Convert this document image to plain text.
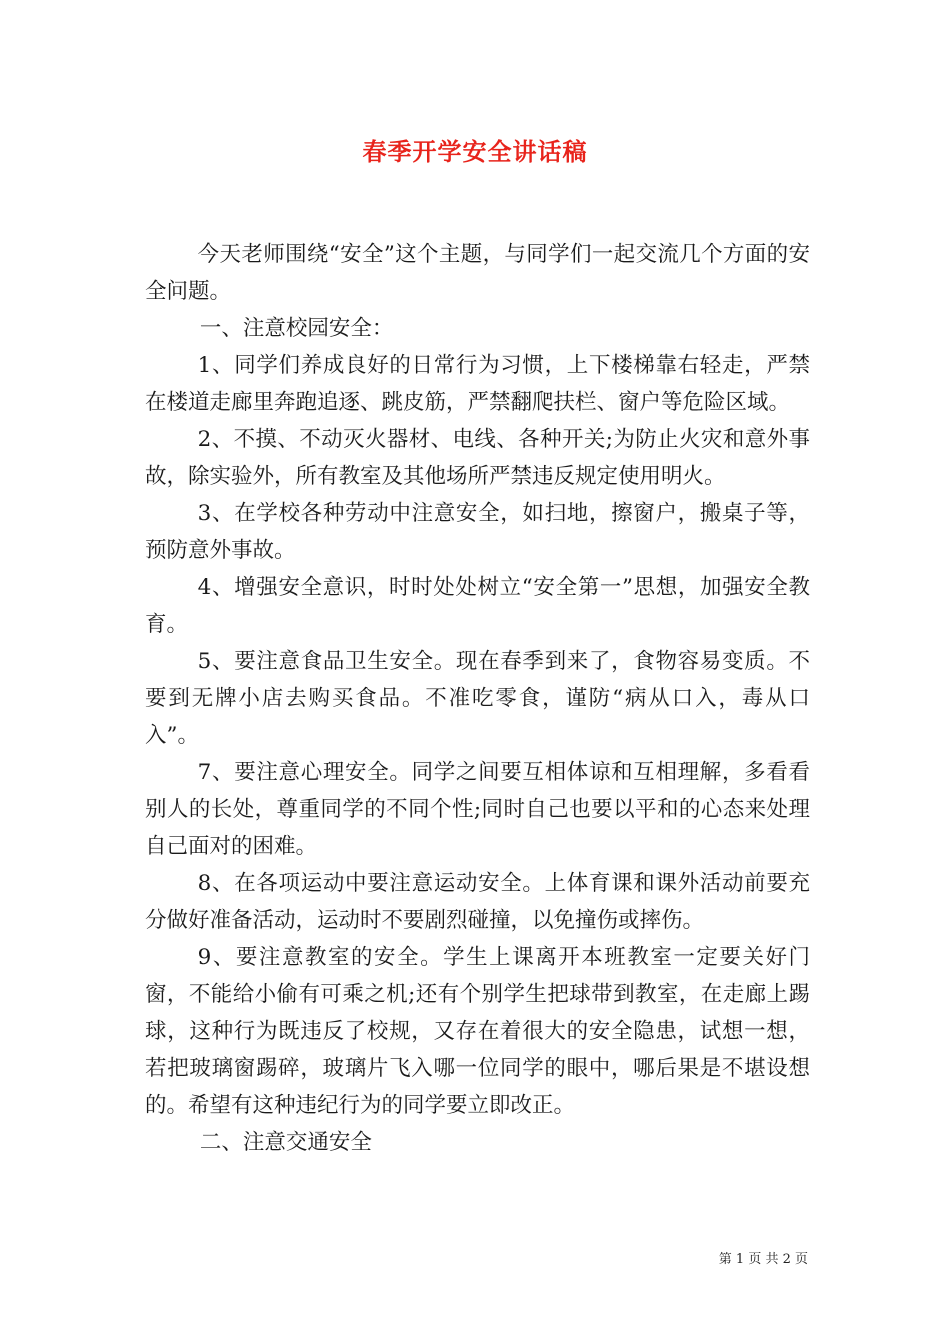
春季开学安全讲话稿

今天老师围绕“安全”这个主题，与同学们一起交流几个方面的安全问题。

一、注意校园安全：

1、同学们养成良好的日常行为习惯，上下楼梯靠右轻走，严禁在楼道走廊里奔跑追逐、跳皮筋，严禁翻爬扶栏、窗户等危险区域。

2、不摸、不动灭火器材、电线、各种开关;为防止火灾和意外事故，除实验外，所有教室及其他场所严禁违反规定使用明火。

3、在学校各种劳动中注意安全，如扫地，擦窗户，搬桌子等，预防意外事故。

4、增强安全意识，时时处处树立“安全第一”思想，加强安全教育。

5、要注意食品卫生安全。现在春季到来了，食物容易变质。不要到无牌小店去购买食品。不准吃零食，谨防“病从口入，毒从口入”。

7、要注意心理安全。同学之间要互相体谅和互相理解，多看看别人的长处，尊重同学的不同个性;同时自己也要以平和的心态来处理自己面对的困难。

8、在各项运动中要注意运动安全。上体育课和课外活动前要充分做好准备活动，运动时不要剧烈碰撞，以免撞伤或摔伤。

9、要注意教室的安全。学生上课离开本班教室一定要关好门窗，不能给小偷有可乘之机;还有个别学生把球带到教室，在走廊上踢球，这种行为既违反了校规，又存在着很大的安全隐患，试想一想，若把玻璃窗踢碎，玻璃片飞入哪一位同学的眼中，哪后果是不堪设想的。希望有这种违纪行为的同学要立即改正。

二、注意交通安全

第 1 页 共 2 页
